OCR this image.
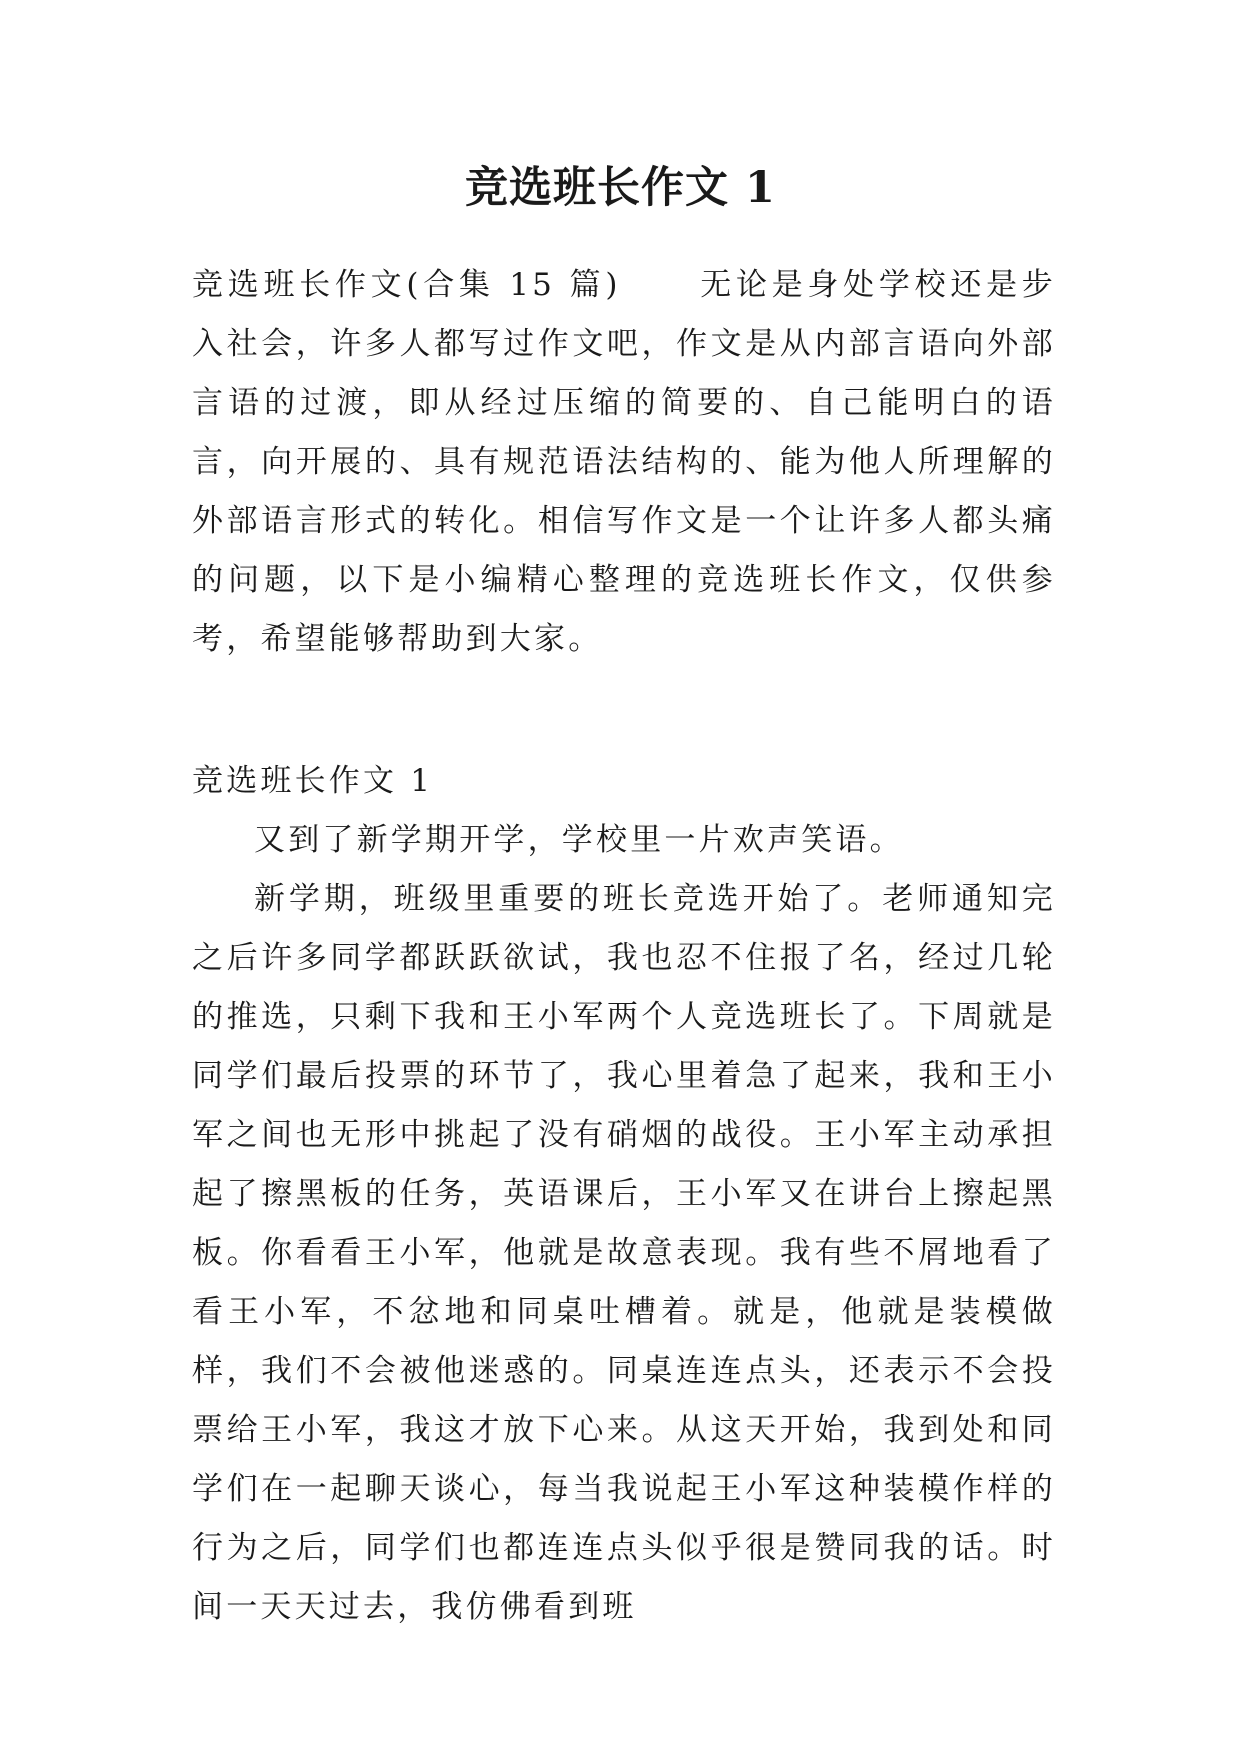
竞选班长作文 1
竞选班长作文(合集 15 篇)	无论是身处学校还是步入社会，许多人都写过作文吧，作文是从内部言语向外部言语的过渡，即从经过压缩的简要的、自己能明白的语言，向开展的、具有规范语法结构的、能为他人所理解的外部语言形式的转化。相信写作文是一个让许多人都头痛的问题，以下是小编精心整理的竞选班长作文，仅供参考，希望能够帮助到大家。
竞选班长作文 1

又到了新学期开学，学校里一片欢声笑语。

新学期，班级里重要的班长竞选开始了。老师通知完之后许多同学都跃跃欲试，我也忍不住报了名，经过几轮的推选，只剩下我和王小军两个人竞选班长了。下周就是同学们最后投票的环节了，我心里着急了起来，我和王小军之间也无形中挑起了没有硝烟的战役。王小军主动承担起了擦黑板的任务，英语课后，王小军又在讲台上擦起黑板。你看看王小军，他就是故意表现。我有些不屑地看了看王小军，不忿地和同桌吐槽着。就是，他就是装模做样，我们不会被他迷惑的。同桌连连点头，还表示不会投票给王小军，我这才放下心来。从这天开始，我到处和同学们在一起聊天谈心，每当我说起王小军这种装模作样的行为之后，同学们也都连连点头似乎很是赞同我的话。时间一天天过去，我仿佛看到班
